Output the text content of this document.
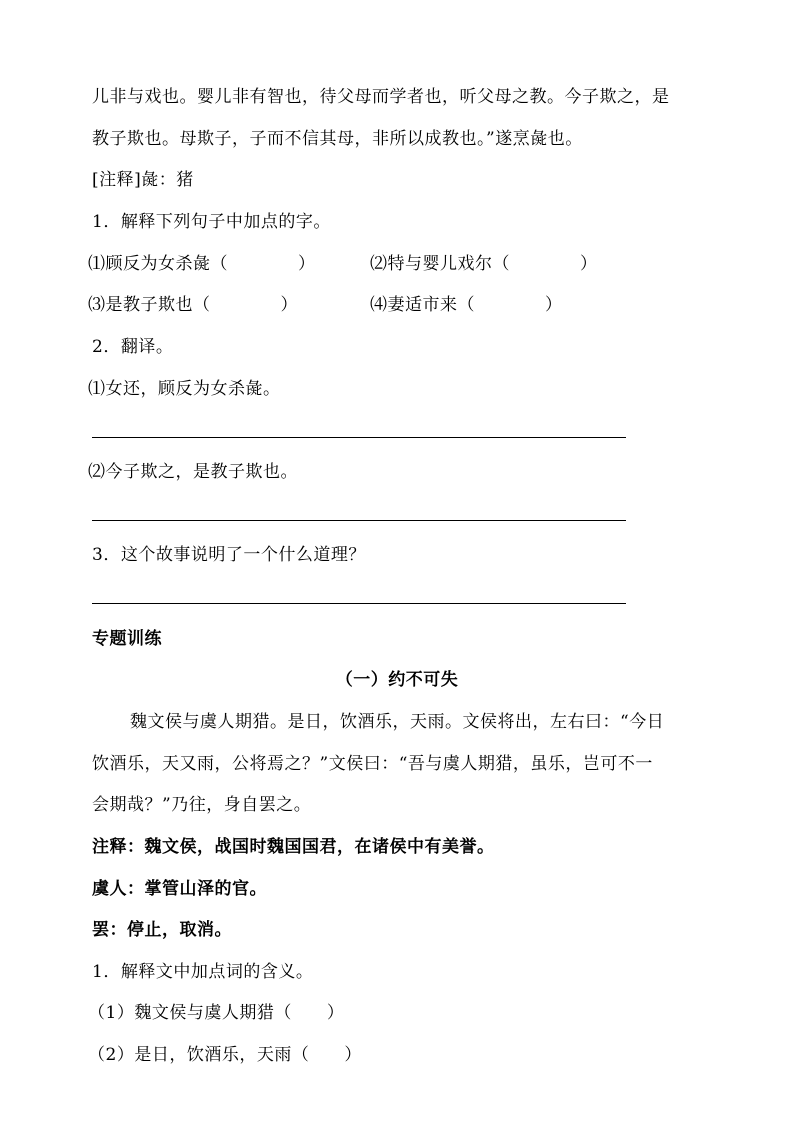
儿非与戏也。婴儿非有智也，待父母而学者也，听父母之教。今子欺之，是
教子欺也。母欺子，子而不信其母，非所以成教也。”遂烹彘也。
[注释]彘：猪
1．解释下列句子中加点的字。
⑴顾反为女杀彘（　　　　）	⑵特与婴儿戏尔（　　　　）
⑶是教子欺也（　　　　）	⑷妻适市来（　　　　）
2．翻译。
⑴女还，顾反为女杀彘。
⑵今子欺之，是教子欺也。
3．这个故事说明了一个什么道理？
专题训练
（一）约不可失
魏文侯与虞人期猎。是日，饮酒乐，天雨。文侯将出，左右曰：“今日
饮酒乐，天又雨，公将焉之？”文侯曰：“吾与虞人期猎，虽乐，岂可不一
会期哉？”乃往，身自罢之。
注释：魏文侯，战国时魏国国君，在诸侯中有美誉。
虞人：掌管山泽的官。
罢：停止，取消。
1．解释文中加点词的含义。
（1）魏文侯与虞人期猎（　　）
（2）是日，饮酒乐，天雨（　　）
